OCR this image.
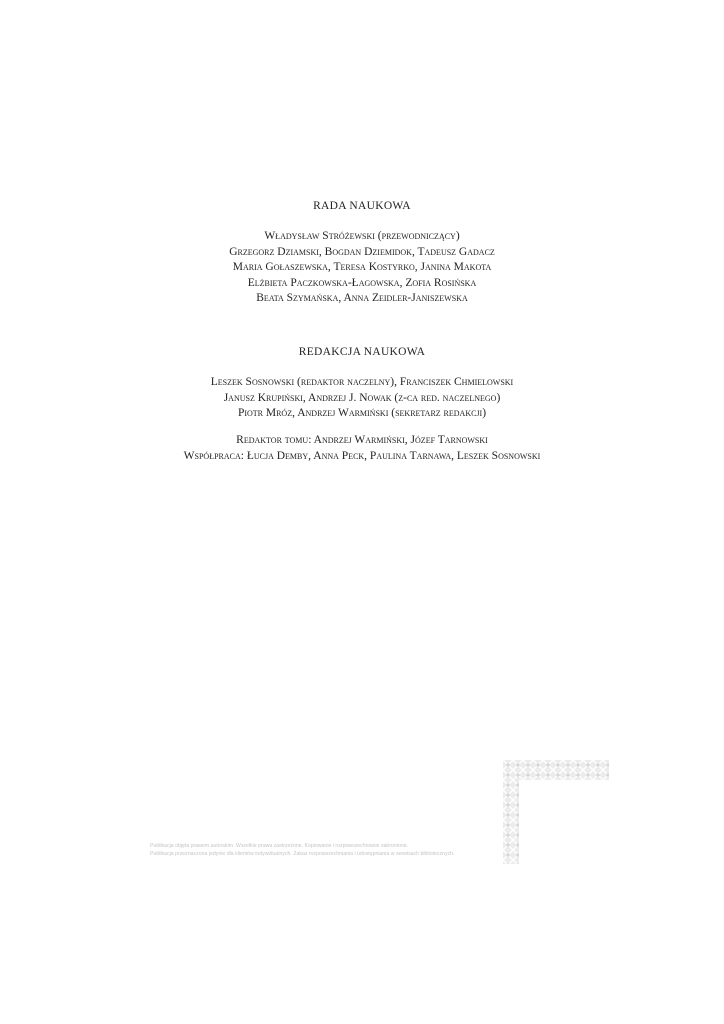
RADA NAUKOWA
Władysław Stróżewski (przewodniczący)
Grzegorz Dziamski, Bogdan Dziemidok, Tadeusz Gadacz
Maria Gołaszewska, Teresa Kostyrko, Janina Makota
Elżbieta Paczkowska-Łagowska, Zofia Rosińska
Beata Szymańska, Anna Zeidler-Janiszewska
REDAKCJA NAUKOWA
Leszek Sosnowski (redaktor naczelny), Franciszek Chmielowski
Janusz Krupiński, Andrzej J. Nowak (z-ca red. naczelnego)
Piotr Mróz, Andrzej Warmiński (sekretarz redakcji)
Redaktor tomu: Andrzej Warmiński, Józef Tarnowski
Współpraca: Łucja Demby, Anna Peck, Paulina Tarnawa, Leszek Sosnowski
Publikacja objęta prawem autorskim. Wszelkie prawa zastrzeżone. Kopiowanie i rozpowszechnianie zabronione.
Publikacja przeznaczona jedynie dla klientów indywidualnych. Zakaz rozpowszechniania i udostępniania w serwisach bibliotecznych.
